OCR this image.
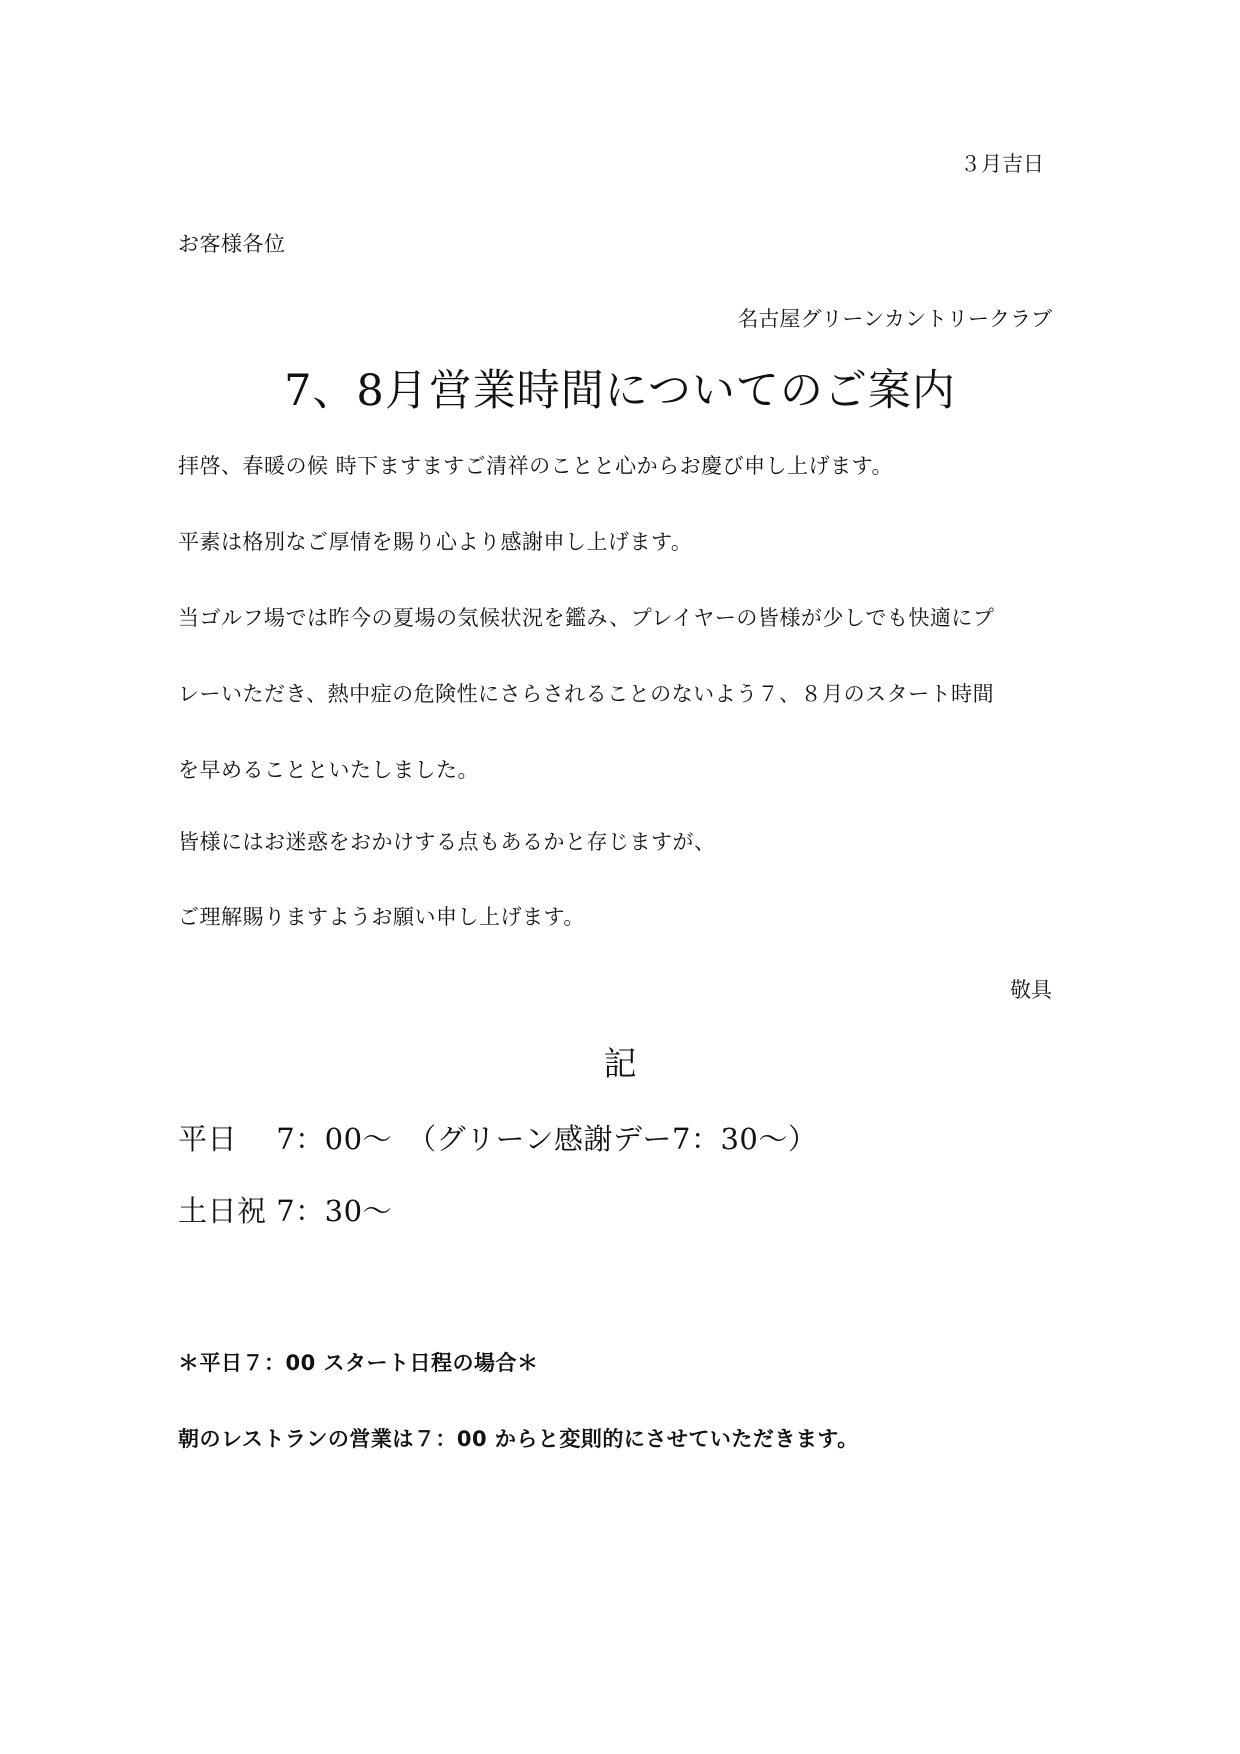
３月吉日
お客様各位
名古屋グリーンカントリークラブ
7、8月営業時間についてのご案内
拝啓、春暖の候 時下ますますご清祥のことと心からお慶び申し上げます。
平素は格別なご厚情を賜り心より感謝申し上げます。
当ゴルフ場では昨今の夏場の気候状況を鑑み、プレイヤーの皆様が少しでも快適にプ
レーいただき、熱中症の危険性にさらされることのないよう７、８月のスタート時間
を早めることといたしました。
皆様にはお迷惑をおかけする点もあるかと存じますが、
ご理解賜りますようお願い申し上げます。
敬具
記
平日　 7：00～　（グリーン感謝デー7：30～）
土日祝 7：30～
＊平日７：00 スタート日程の場合＊
朝のレストランの営業は７：00 からと変則的にさせていただきます。
